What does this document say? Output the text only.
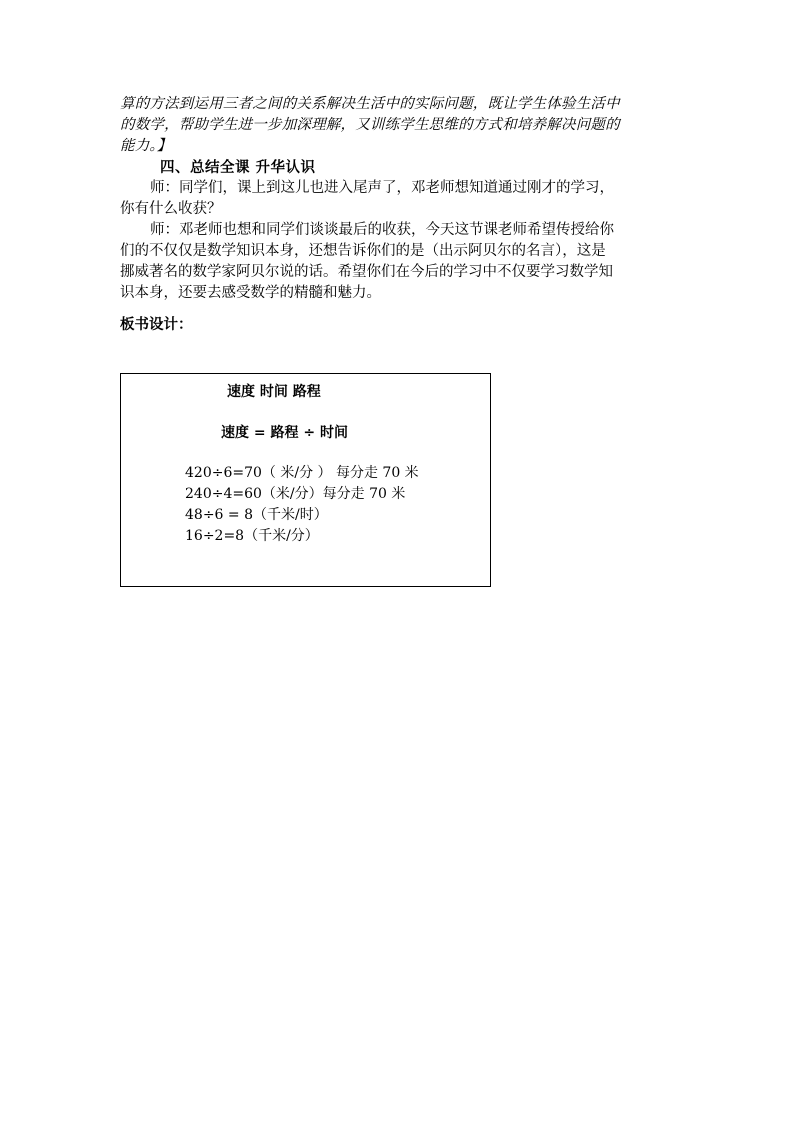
算的方法到运用三者之间的关系解决生活中的实际问题，既让学生体验生活中
的数学，帮助学生进一步加深理解，又训练学生思维的方式和培养解决问题的
能力。】
四、总结全课 升华认识
师：同学们，课上到这儿也进入尾声了，邓老师想知道通过刚才的学习，
你有什么收获？
师：邓老师也想和同学们谈谈最后的收获，今天这节课老师希望传授给你
们的不仅仅是数学知识本身，还想告诉你们的是（出示阿贝尔的名言），这是
挪威著名的数学家阿贝尔说的话。希望你们在今后的学习中不仅要学习数学知
识本身，还要去感受数学的精髓和魅力。
板书设计：
速度 时间 路程
速度 = 路程 ÷ 时间
420÷6=70（ 米/分 ） 每分走 70 米
240÷4=60（米/分）每分走 70 米
48÷6 = 8（千米/时）
16÷2=8（千米/分）
